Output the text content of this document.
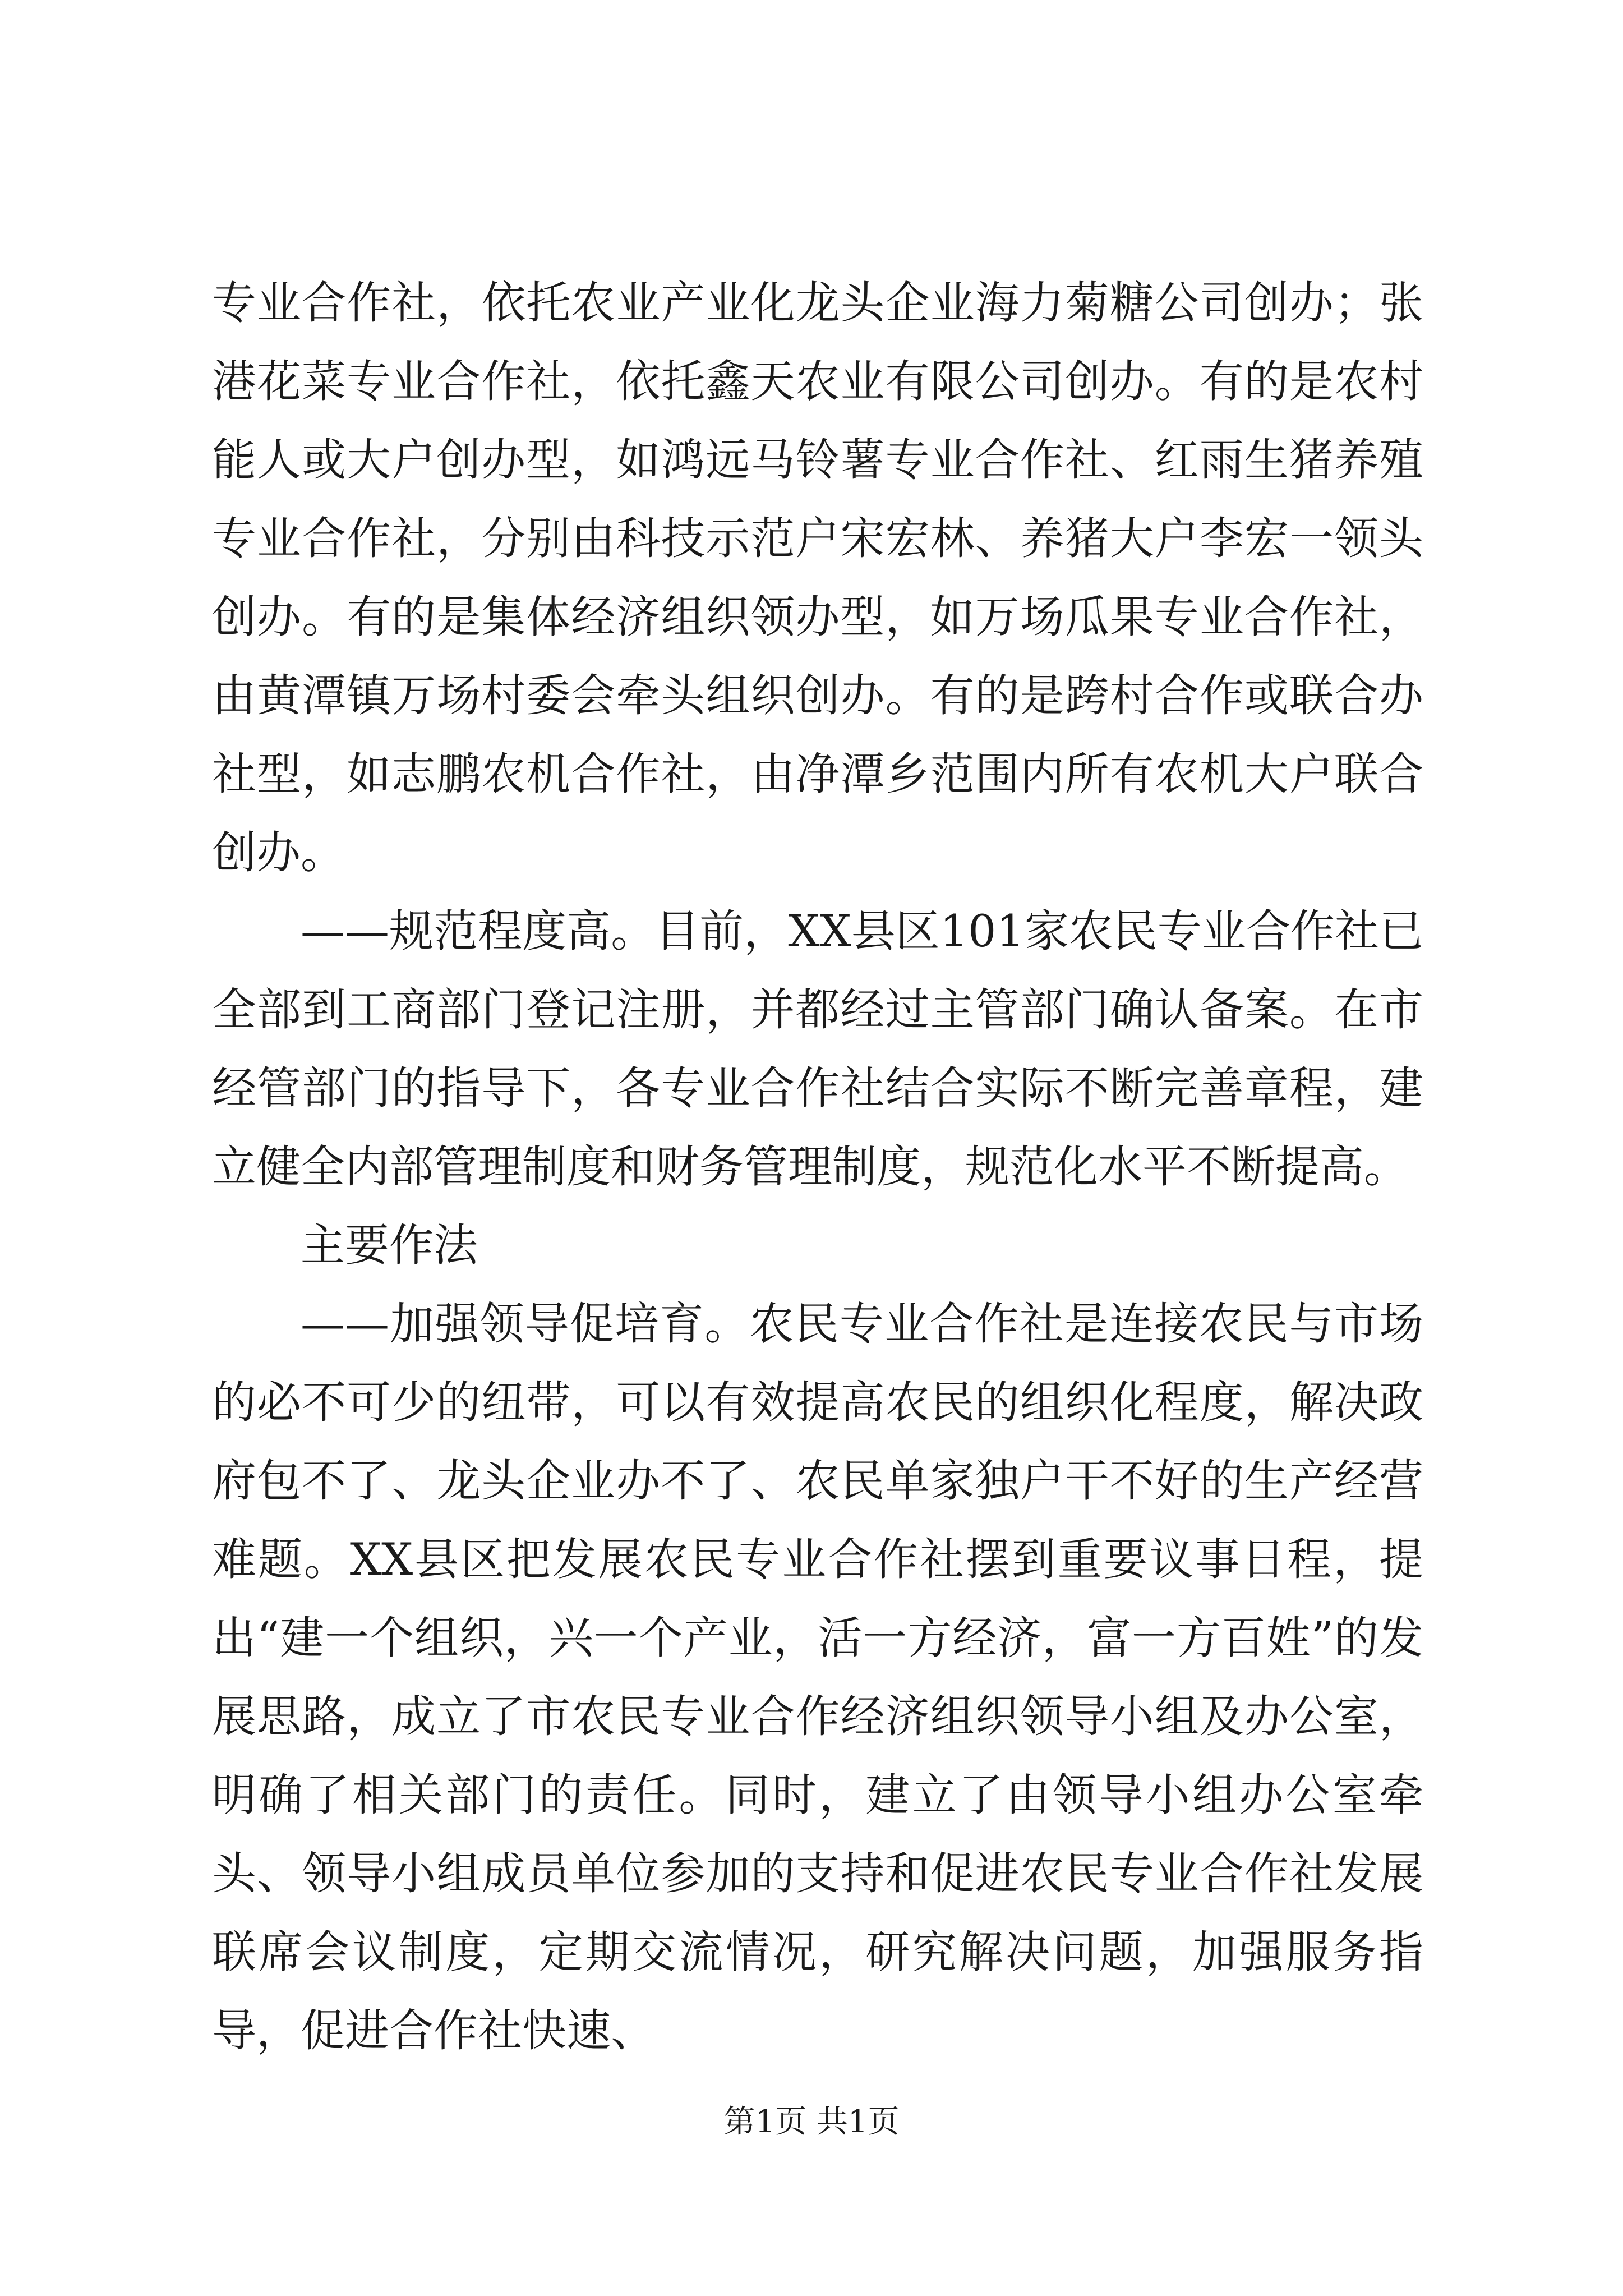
专业合作社，依托农业产业化龙头企业海力菊糖公司创办；张港花菜专业合作社，依托鑫天农业有限公司创办。有的是农村能人或大户创办型，如鸿远马铃薯专业合作社、红雨生猪养殖专业合作社，分别由科技示范户宋宏林、养猪大户李宏一领头创办。有的是集体经济组织领办型，如万场瓜果专业合作社，由黄潭镇万场村委会牵头组织创办。有的是跨村合作或联合办社型，如志鹏农机合作社，由净潭乡范围内所有农机大户联合创办。

——规范程度高。目前，XX县区101家农民专业合作社已全部到工商部门登记注册，并都经过主管部门确认备案。在市经管部门的指导下，各专业合作社结合实际不断完善章程，建立健全内部管理制度和财务管理制度，规范化水平不断提高。

主要作法

——加强领导促培育。农民专业合作社是连接农民与市场的必不可少的纽带，可以有效提高农民的组织化程度，解决政府包不了、龙头企业办不了、农民单家独户干不好的生产经营难题。XX县区把发展农民专业合作社摆到重要议事日程，提出“建一个组织，兴一个产业，活一方经济，富一方百姓”的发展思路，成立了市农民专业合作经济组织领导小组及办公室，明确了相关部门的责任。同时，建立了由领导小组办公室牵头、领导小组成员单位参加的支持和促进农民专业合作社发展联席会议制度，定期交流情况，研究解决问题，加强服务指导，促进合作社快速、

第1页 共1页
